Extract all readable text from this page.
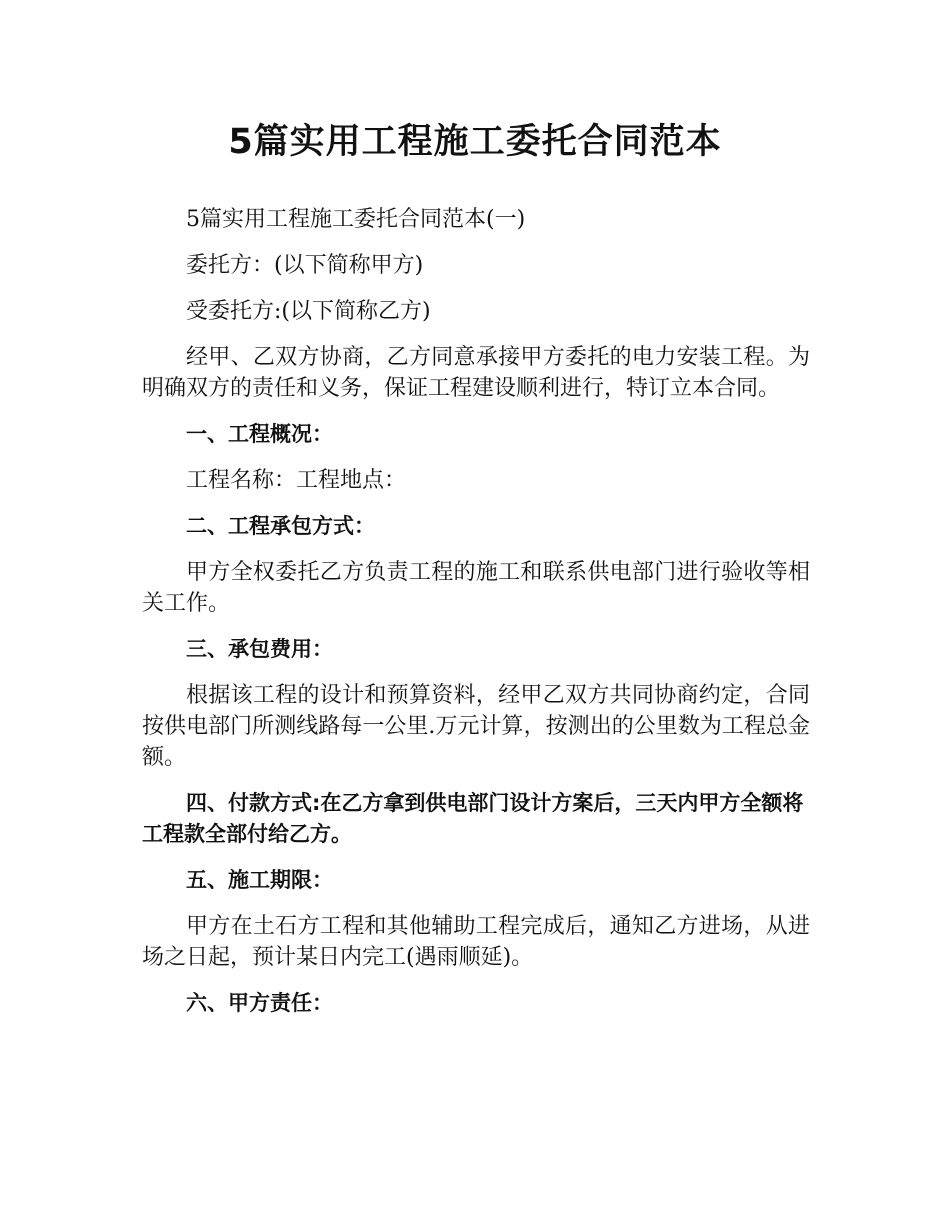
5篇实用工程施工委托合同范本

5篇实用工程施工委托合同范本(一)

委托方：(以下简称甲方)

受委托方:(以下简称乙方)

经甲、乙双方协商，乙方同意承接甲方委托的电力安装工程。为明确双方的责任和义务，保证工程建设顺利进行，特订立本合同。

一、工程概况：

工程名称：工程地点：

二、工程承包方式：

甲方全权委托乙方负责工程的施工和联系供电部门进行验收等相关工作。

三、承包费用：

根据该工程的设计和预算资料，经甲乙双方共同协商约定，合同按供电部门所测线路每一公里.万元计算，按测出的公里数为工程总金额。

四、付款方式:在乙方拿到供电部门设计方案后，三天内甲方全额将工程款全部付给乙方。

五、施工期限：

甲方在土石方工程和其他辅助工程完成后，通知乙方进场，从进场之日起，预计某日内完工(遇雨顺延)。

六、甲方责任：
